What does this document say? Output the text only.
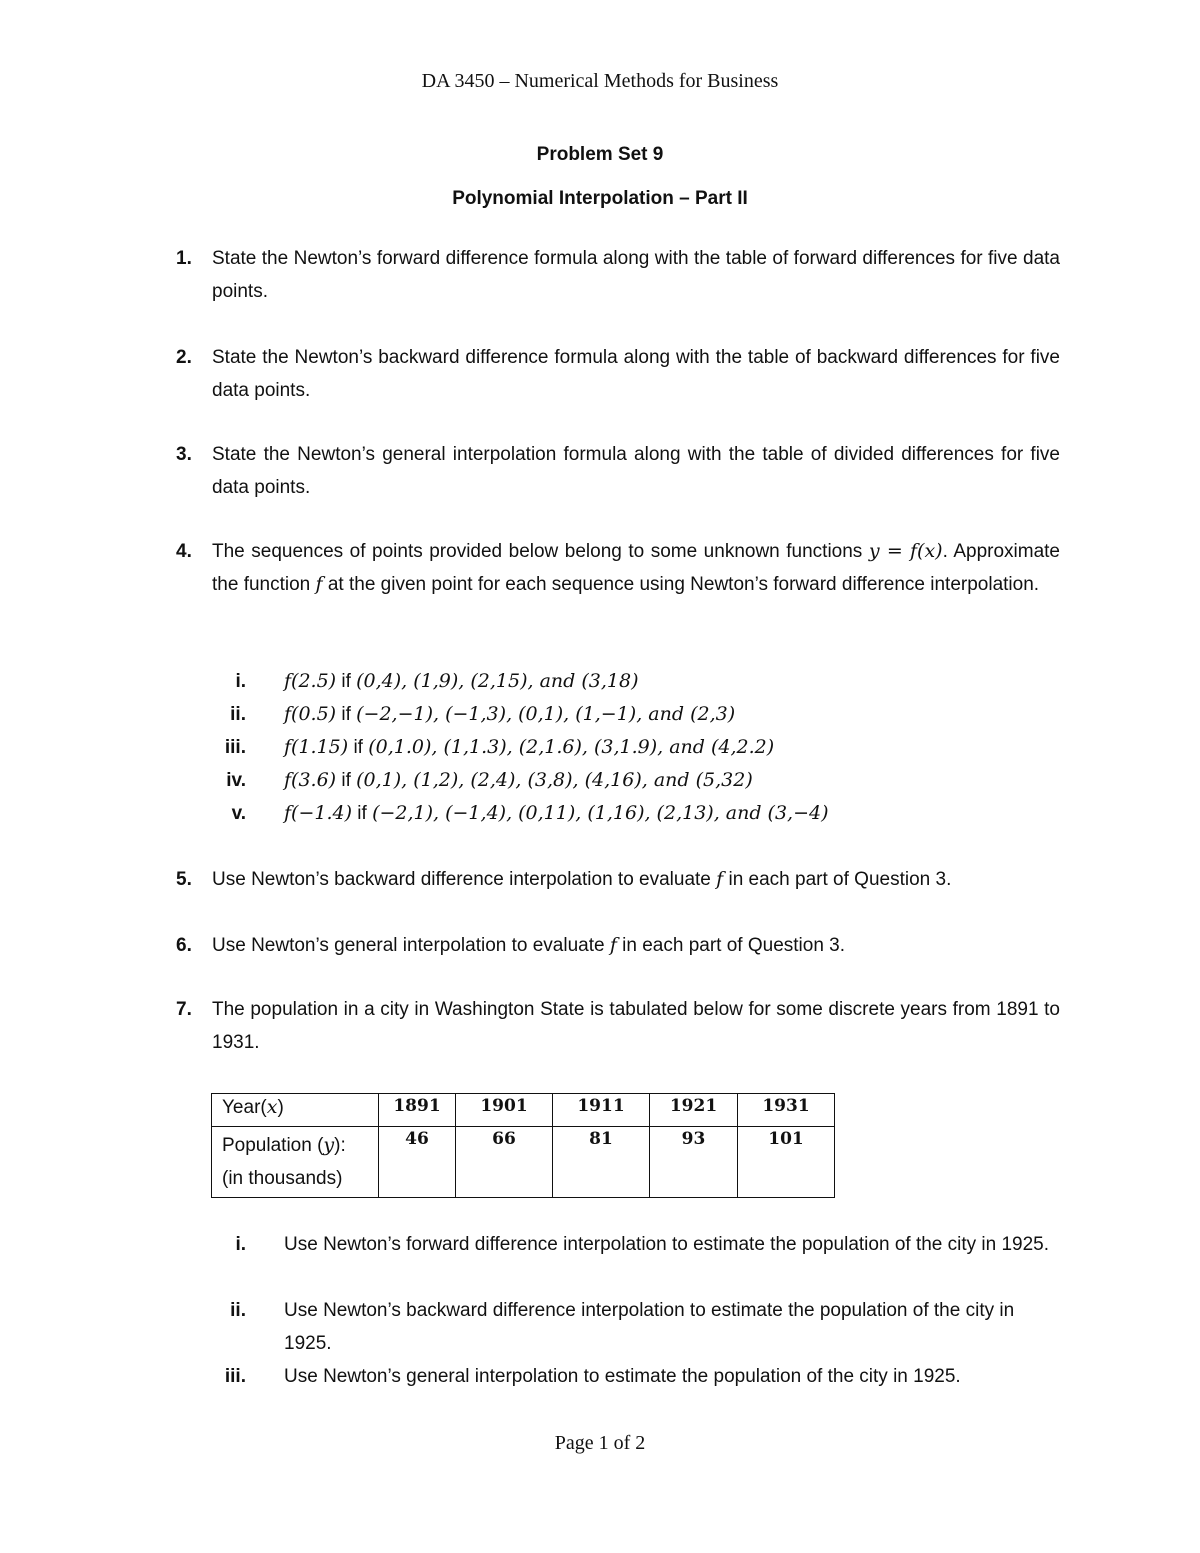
DA 3450 – Numerical Methods for Business
Problem Set 9
Polynomial Interpolation – Part II
1. State the Newton’s forward difference formula along with the table of forward differences for five data points.
2. State the Newton’s backward difference formula along with the table of backward differences for five data points.
3. State the Newton’s general interpolation formula along with the table of divided differences for five data points.
4. The sequences of points provided below belong to some unknown functions y = f(x). Approximate the function f at the given point for each sequence using Newton’s forward difference interpolation.
i. f(2.5) if (0,4), (1,9), (2,15), and (3,18)
ii. f(0.5) if (−2,−1), (−1,3), (0,1), (1,−1), and (2,3)
iii. f(1.15) if (0,1.0), (1,1.3), (2,1.6), (3,1.9), and (4,2.2)
iv. f(3.6) if (0,1), (1,2), (2,4), (3,8), (4,16), and (5,32)
v. f(−1.4) if (−2,1), (−1,4), (0,11), (1,16), (2,13), and (3,−4)
5. Use Newton’s backward difference interpolation to evaluate f in each part of Question 3.
6. Use Newton’s general interpolation to evaluate f in each part of Question 3.
7. The population in a city in Washington State is tabulated below for some discrete years from 1891 to 1931.
Year(x)	1891	1901	1911	1921	1931
Population (y):
(in thousands)	46	66	81	93	101
i. Use Newton’s forward difference interpolation to estimate the population of the city in 1925.
ii. Use Newton’s backward difference interpolation to estimate the population of the city in 1925.
iii. Use Newton’s general interpolation to estimate the population of the city in 1925.
Page 1 of 2
